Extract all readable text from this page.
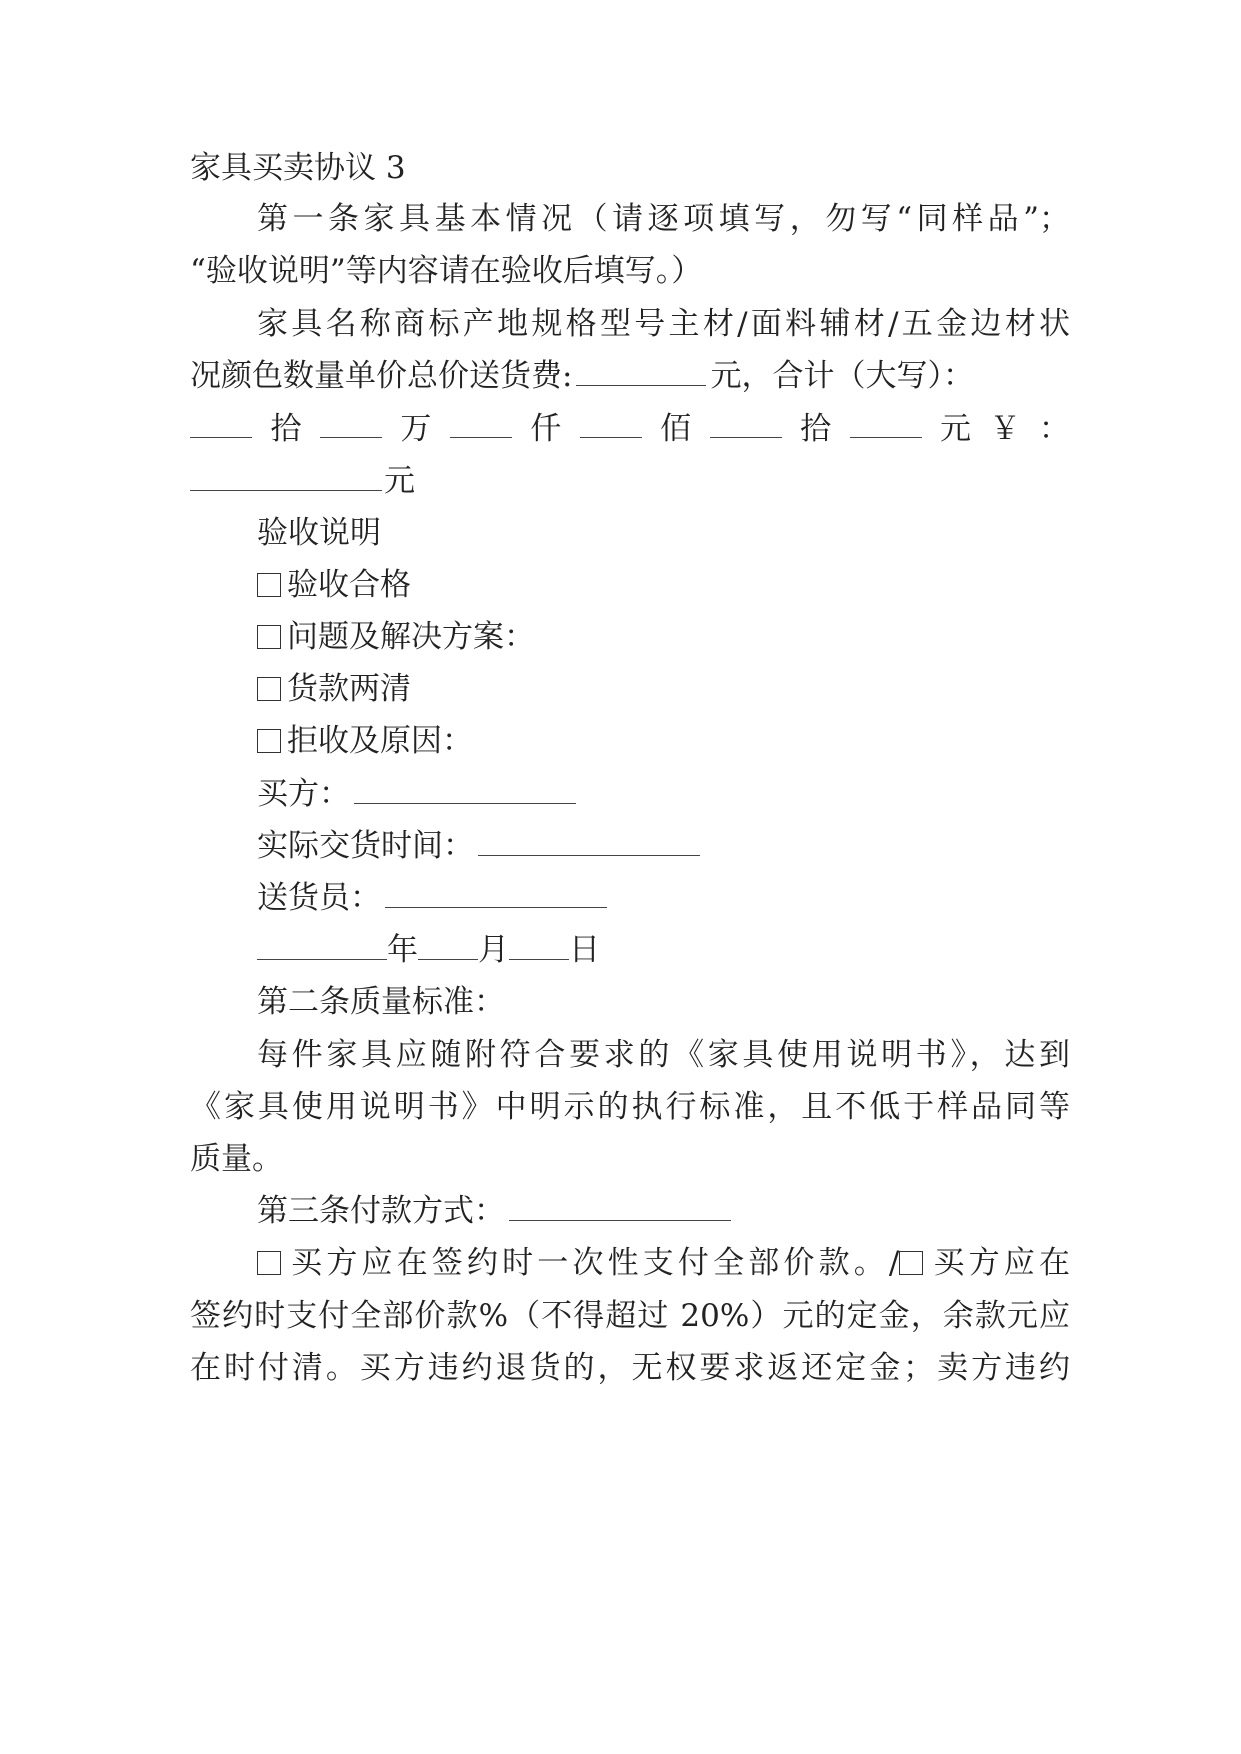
家具买卖协议 3
第一条家具基本情况（请逐项填写，勿写“同样品”；
“验收说明”等内容请在验收后填写。）
家具名称商标产地规格型号主材/面料辅材/五金边材状
况颜色数量单价总价送货费:	元，合计（大写）：
拾	万	仟	佰	拾	元 ￥ ：
元
验收说明
验收合格
问题及解决方案：
货款两清
拒收及原因：
买方：
实际交货时间：
送货员：
年 月 日
第二条质量标准：
每件家具应随附符合要求的《家具使用说明书》，达到
《家具使用说明书》中明示的执行标准，且不低于样品同等
质量。
第三条付款方式：
买方应在签约时一次性支付全部价款。/ 买方应在
签约时支付全部价款%（不得超过 20%）元的定金，余款元应
在时付清。买方违约退货的，无权要求返还定金；卖方违约
